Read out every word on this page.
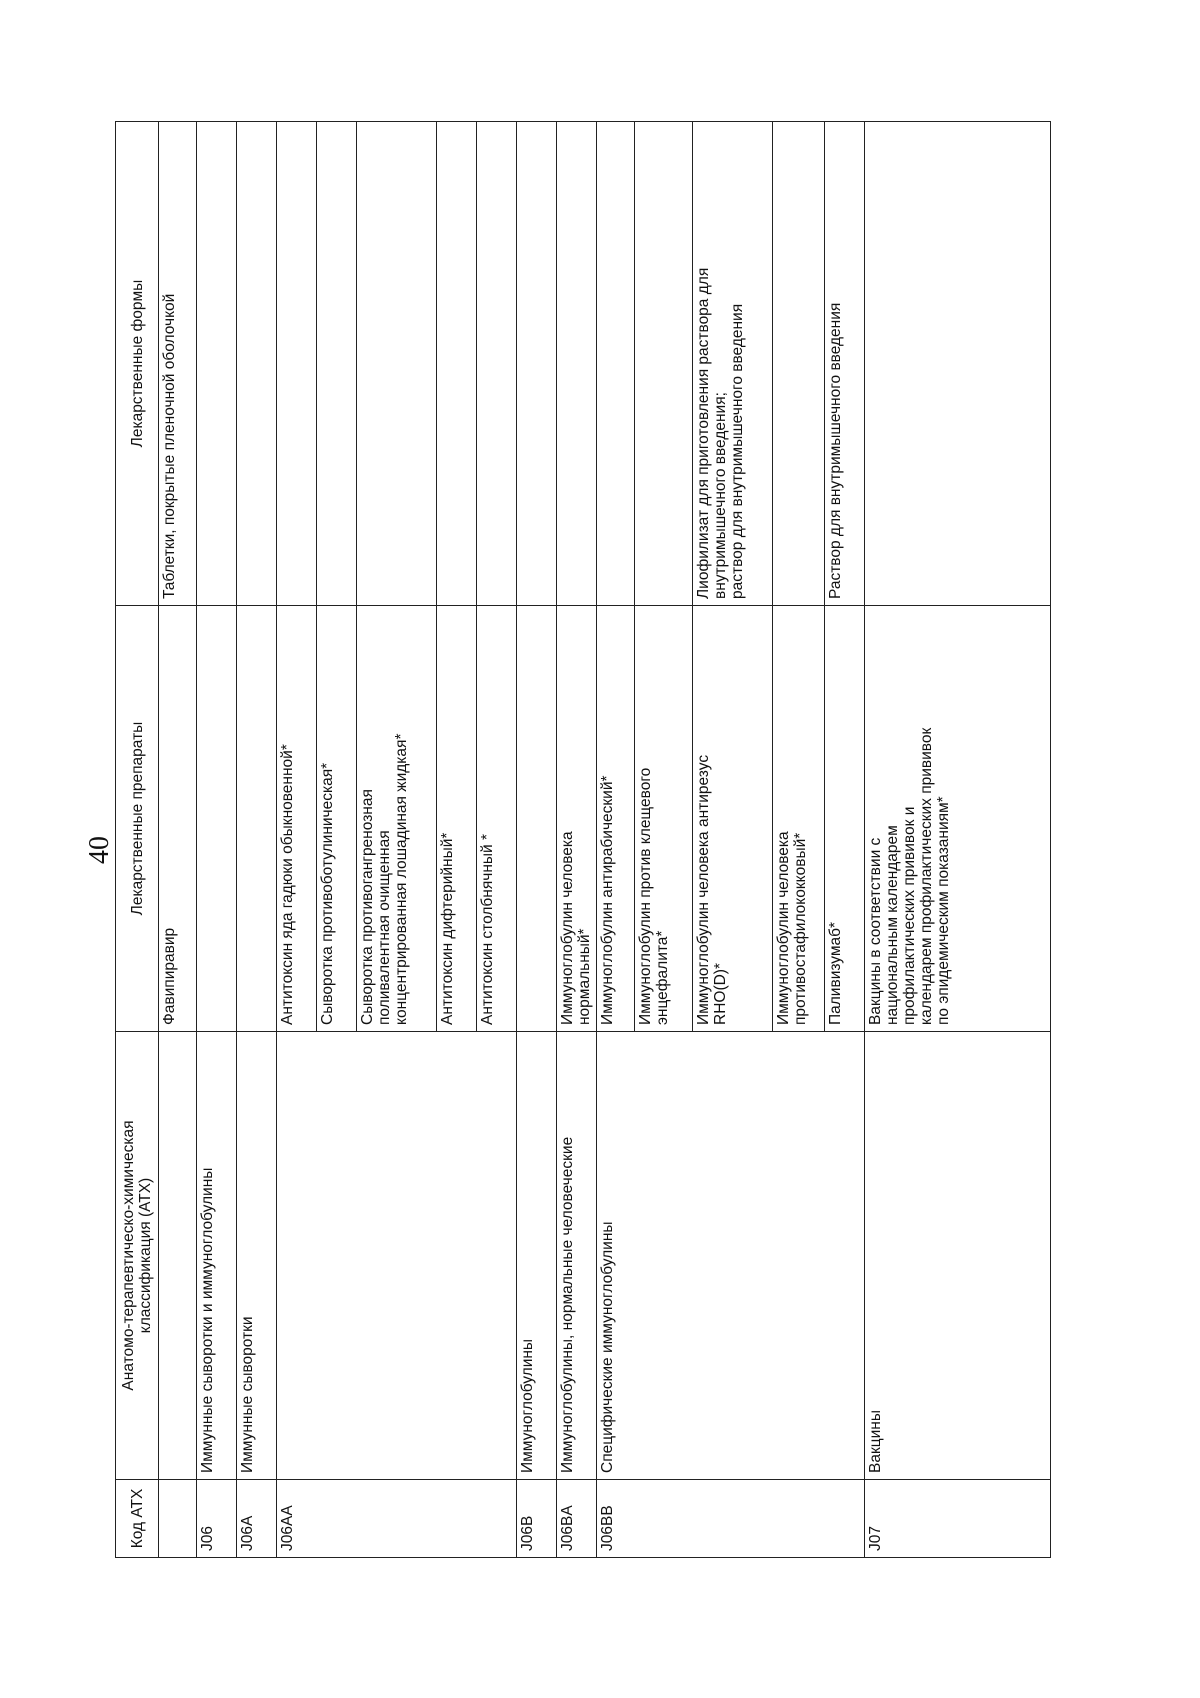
40
Код АТХ	Анатомо-терапевтическо-химическая классификация (АТХ)	Лекарственные препараты	Лекарственные формы
		Фавипиравир	Таблетки, покрытые пленочной оболочкой
J06	Иммунные сыворотки и иммуноглобулины		
J06A	Иммунные сыворотки		
J06AA		Антитоксин яда гадюки обыкновенной*	
		Сыворотка противоботулиническая*	

		Сыворотка противогангренозная поливалентная очищенная концентрированная лошадиная жидкая*	

		Антитоксин дифтерийный*	
		Антитоксин столбнячный *	
J06B	Иммуноглобулины		
J06BA	Иммуноглобулины, нормальные человеческие	Иммуноглобулин человека нормальный*	

J06BB	Специфические иммуноглобулины	Иммуноглобулин антирабический*	

		Иммуноглобулин против клещевого энцефалита*	

		Иммуноглобулин человека антирезус RHO(D)*	Лиофилизат для приготовления раствора для внутримышечного введения; раствор для внутримышечного введения

		Иммуноглобулин человека противостафилококковый*	

		Паливизумаб*	Раствор для внутримышечного введения
J07	Вакцины	Вакцины в соответствии с национальным календарем профилактических прививок и календарем профилактических прививок по эпидемическим показаниям*	
